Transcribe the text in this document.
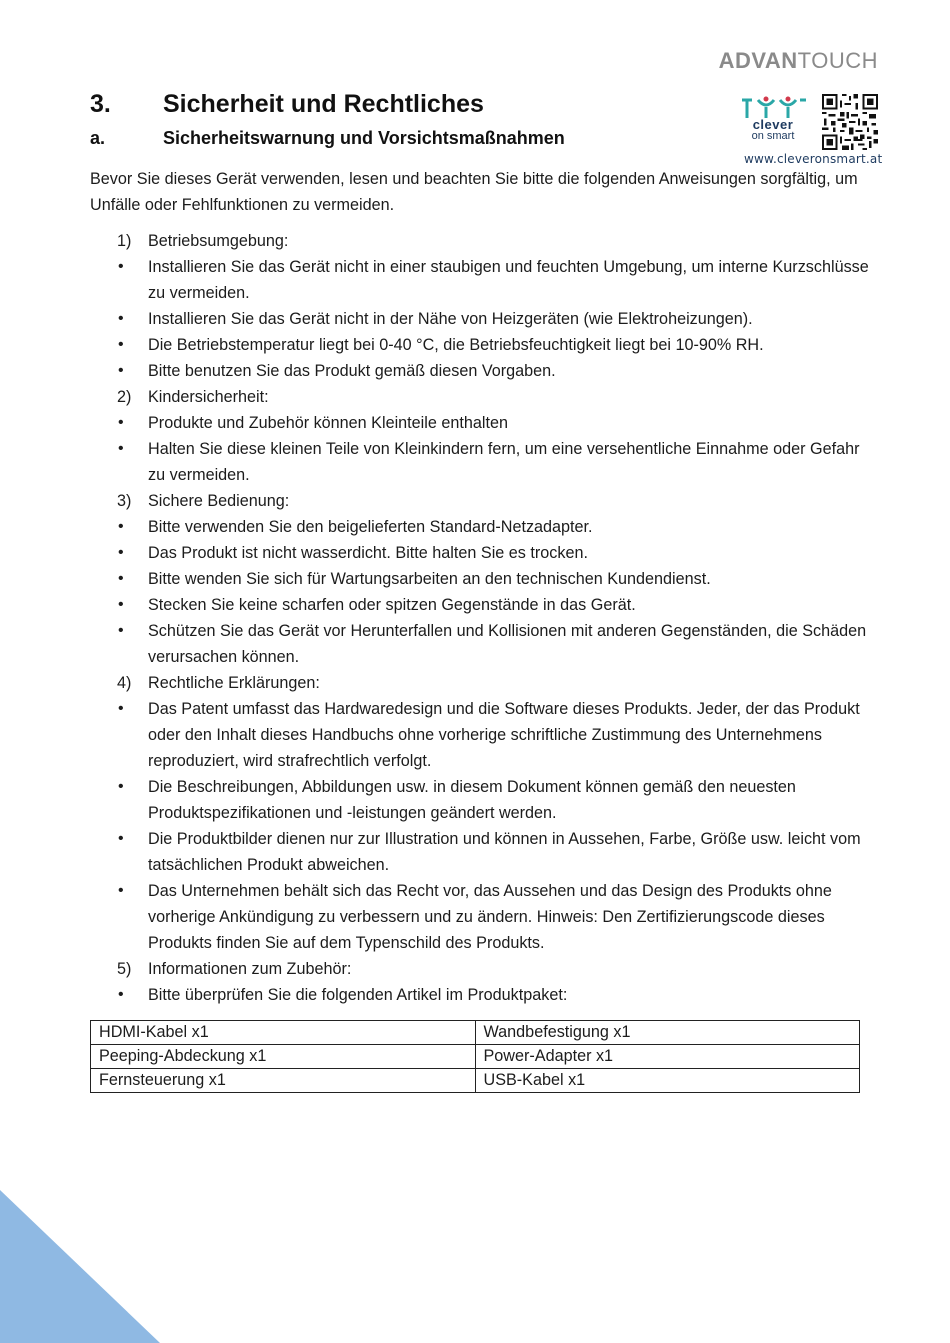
ADVANTOUCH
clever
on smart
www.cleveronsmart.at
3. Sicherheit und Rechtliches
a.	Sicherheitswarnung und Vorsichtsmaßnahmen

Bevor Sie dieses Gerät verwenden, lesen und beachten Sie bitte die folgenden Anweisungen sorgfältig, um Unfälle oder Fehlfunktionen zu vermeiden.

1)	Betriebsumgebung:
•	Installieren Sie das Gerät nicht in einer staubigen und feuchten Umgebung, um interne Kurzschlüsse zu vermeiden.
•	Installieren Sie das Gerät nicht in der Nähe von Heizgeräten (wie Elektroheizungen).
•	Die Betriebstemperatur liegt bei 0-40 °C, die Betriebsfeuchtigkeit liegt bei 10-90% RH.
•	Bitte benutzen Sie das Produkt gemäß diesen Vorgaben.
2)	Kindersicherheit:
•	Produkte und Zubehör können Kleinteile enthalten
•	Halten Sie diese kleinen Teile von Kleinkindern fern, um eine versehentliche Einnahme oder Gefahr zu vermeiden.
3)	Sichere Bedienung:
•	Bitte verwenden Sie den beigelieferten Standard-Netzadapter.
•	Das Produkt ist nicht wasserdicht. Bitte halten Sie es trocken.
•	Bitte wenden Sie sich für Wartungsarbeiten an den technischen Kundendienst.
•	Stecken Sie keine scharfen oder spitzen Gegenstände in das Gerät.
•	Schützen Sie das Gerät vor Herunterfallen und Kollisionen mit anderen Gegenständen, die Schäden verursachen können.
4)	Rechtliche Erklärungen:
•	Das Patent umfasst das Hardwaredesign und die Software dieses Produkts. Jeder, der das Produkt oder den Inhalt dieses Handbuchs ohne vorherige schriftliche Zustimmung des Unternehmens reproduziert, wird strafrechtlich verfolgt.
•	Die Beschreibungen, Abbildungen usw. in diesem Dokument können gemäß den neuesten Produktspezifikationen und -leistungen geändert werden.
•	Die Produktbilder dienen nur zur Illustration und können in Aussehen, Farbe, Größe usw. leicht vom tatsächlichen Produkt abweichen.
•	Das Unternehmen behält sich das Recht vor, das Aussehen und das Design des Produkts ohne vorherige Ankündigung zu verbessern und zu ändern. Hinweis: Den Zertifizierungscode dieses Produkts finden Sie auf dem Typenschild des Produkts.
5)	Informationen zum Zubehör:
•	Bitte überprüfen Sie die folgenden Artikel im Produktpaket:
HDMI-Kabel x1	Wandbefestigung x1
Peeping-Abdeckung x1	Power-Adapter x1
Fernsteuerung x1	USB-Kabel x1
